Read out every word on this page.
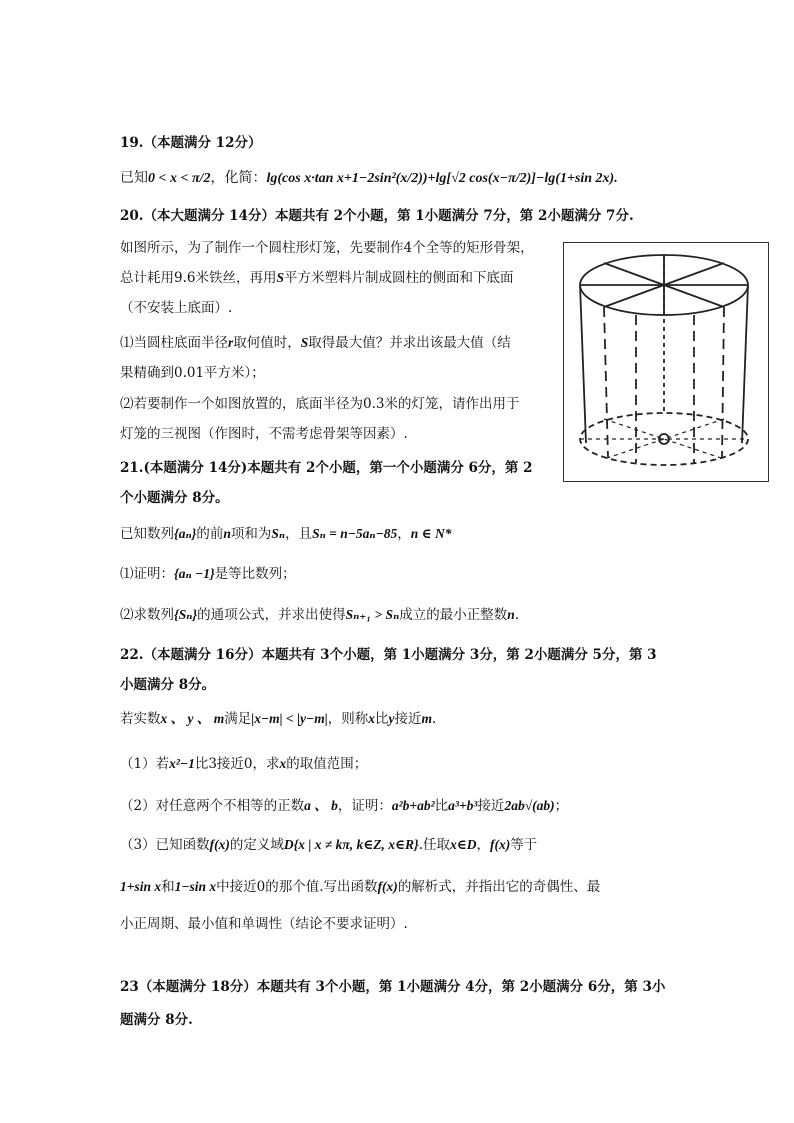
19.（本题满分 12分）
已知0 < x < π/2，化简：lg(cos x·tan x+1−2sin²(x/2))+lg[√2 cos(x−π/2)]−lg(1+sin 2x).
20.（本大题满分 14分）本题共有 2个小题，第 1小题满分 7分，第 2小题满分 7分.
如图所示，为了制作一个圆柱形灯笼，先要制作4个全等的矩形骨架，
总计耗用9.6米铁丝，再用S平方米塑料片制成圆柱的侧面和下底面
（不安装上底面）.
⑴当圆柱底面半径r取何值时，S取得最大值？并求出该最大值（结
果精确到0.01平方米）；
⑵若要制作一个如图放置的，底面半径为0.3米的灯笼，请作出用于
灯笼的三视图（作图时，不需考虑骨架等因素）.
21.(本题满分 14分)本题共有 2个小题，第一个小题满分 6分，第 2
个小题满分 8分。
已知数列{aₙ}的前n项和为Sₙ，且Sₙ = n−5aₙ−85，n ∈ N*
⑴证明：{aₙ −1}是等比数列；
⑵求数列{Sₙ}的通项公式，并求出使得Sₙ₊₁ > Sₙ成立的最小正整数n.
22.（本题满分 16分）本题共有 3个小题，第 1小题满分 3分，第 2小题满分 5分，第 3
小题满分 8分。
若实数x 、 y 、 m满足|x−m| < |y−m|，则称x比y接近m.
（1）若x²−1比3接近0，求x的取值范围；
（2）对任意两个不相等的正数a 、 b，证明：a²b+ab²比a³+b³接近2ab√(ab)；
（3）已知函数f(x)的定义域D{x | x ≠ kπ, k∈Z, x∈R}.任取x∈D，f(x)等于
1+sin x和1−sin x中接近0的那个值.写出函数f(x)的解析式，并指出它的奇偶性、最
小正周期、最小值和单调性（结论不要求证明）.
23（本题满分 18分）本题共有 3个小题，第 1小题满分 4分，第 2小题满分 6分，第 3小
题满分 8分.
